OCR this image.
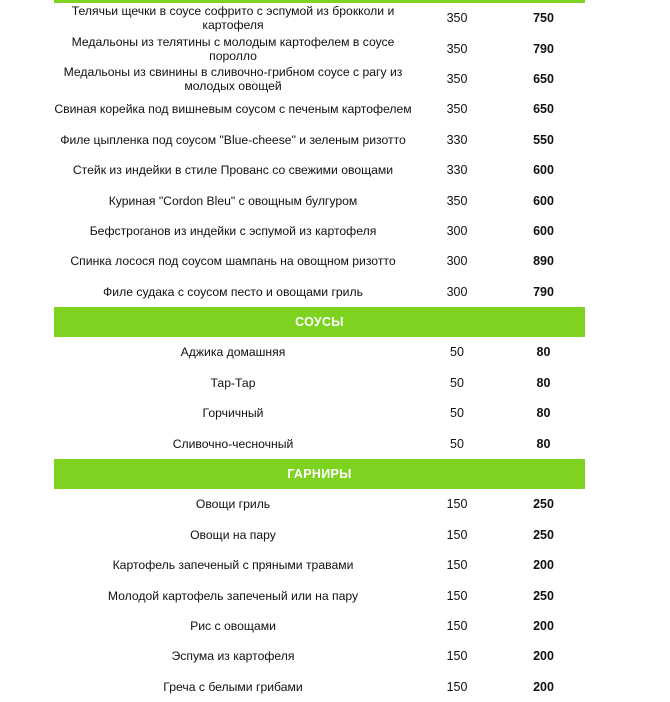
Телячьи щечки в соусе софрито с эспумой из брокколи и картофеля	350	750
Медальоны из телятины с молодым картофелем в соусе поролло	350	790
Медальоны из свинины в сливочно-грибном соусе с рагу из молодых овощей	350	650
Свиная корейка под вишневым соусом с печеным картофелем	350	650
Филе цыпленка под соусом "Blue-cheese" и зеленым ризотто	330	550
Стейк из индейки в стиле Прованс со свежими овощами	330	600
Куриная "Cordon Bleu" с овощным булгуром	350	600
Бефстроганов из индейки с эспумой из картофеля	300	600
Спинка лосося под соусом шампань на овощном ризотто	300	890
Филе судака с соусом песто и овощами гриль	300	790
СОУСЫ
Аджика домашняя	50	80
Тар-Тар	50	80
Горчичный	50	80
Сливочно-чесночный	50	80
ГАРНИРЫ
Овощи гриль	150	250
Овощи на пару	150	250
Картофель запеченый с пряными травами	150	200
Молодой картофель запеченый или на пару	150	250
Рис с овощами	150	200
Эспума из картофеля	150	200
Греча с белыми грибами	150	200
